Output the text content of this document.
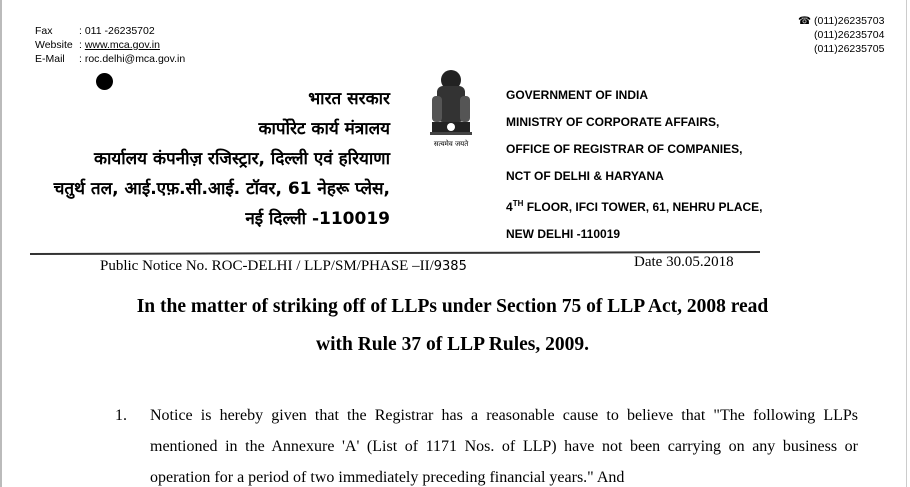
Fax	: 011 -26235702
Website : www.mca.gov.in
E-Mail : roc.delhi@mca.gov.in
☎ (011)26235703
(011)26235704
(011)26235705
भारत सरकार
कार्पोरेट कार्य मंत्रालय
कार्यालय कंपनीज़ रजिस्ट्रार, दिल्ली एवं हरियाणा
चतुर्थ तल, आई.एफ़.सी.आई. टॉवर, 61 नेहरू प्लेस,
नई दिल्ली -110019
सत्यमेव जयते
GOVERNMENT OF INDIA
MINISTRY OF CORPORATE AFFAIRS,
OFFICE OF REGISTRAR OF COMPANIES,
NCT OF DELHI & HARYANA
4TH FLOOR, IFCI TOWER, 61, NEHRU PLACE,
NEW DELHI -110019
Public Notice No. ROC-DELHI / LLP/SM/PHASE –II/9385	Date 30.05.2018
In the matter of striking off of LLPs under Section 75 of LLP Act, 2008 read
with Rule 37 of LLP Rules, 2009.
1. Notice is hereby given that the Registrar has a reasonable cause to believe that "The following LLPs mentioned in the Annexure 'A' (List of 1171 Nos. of LLP) have not been carrying on any business or operation for a period of two immediately preceding financial years." And
